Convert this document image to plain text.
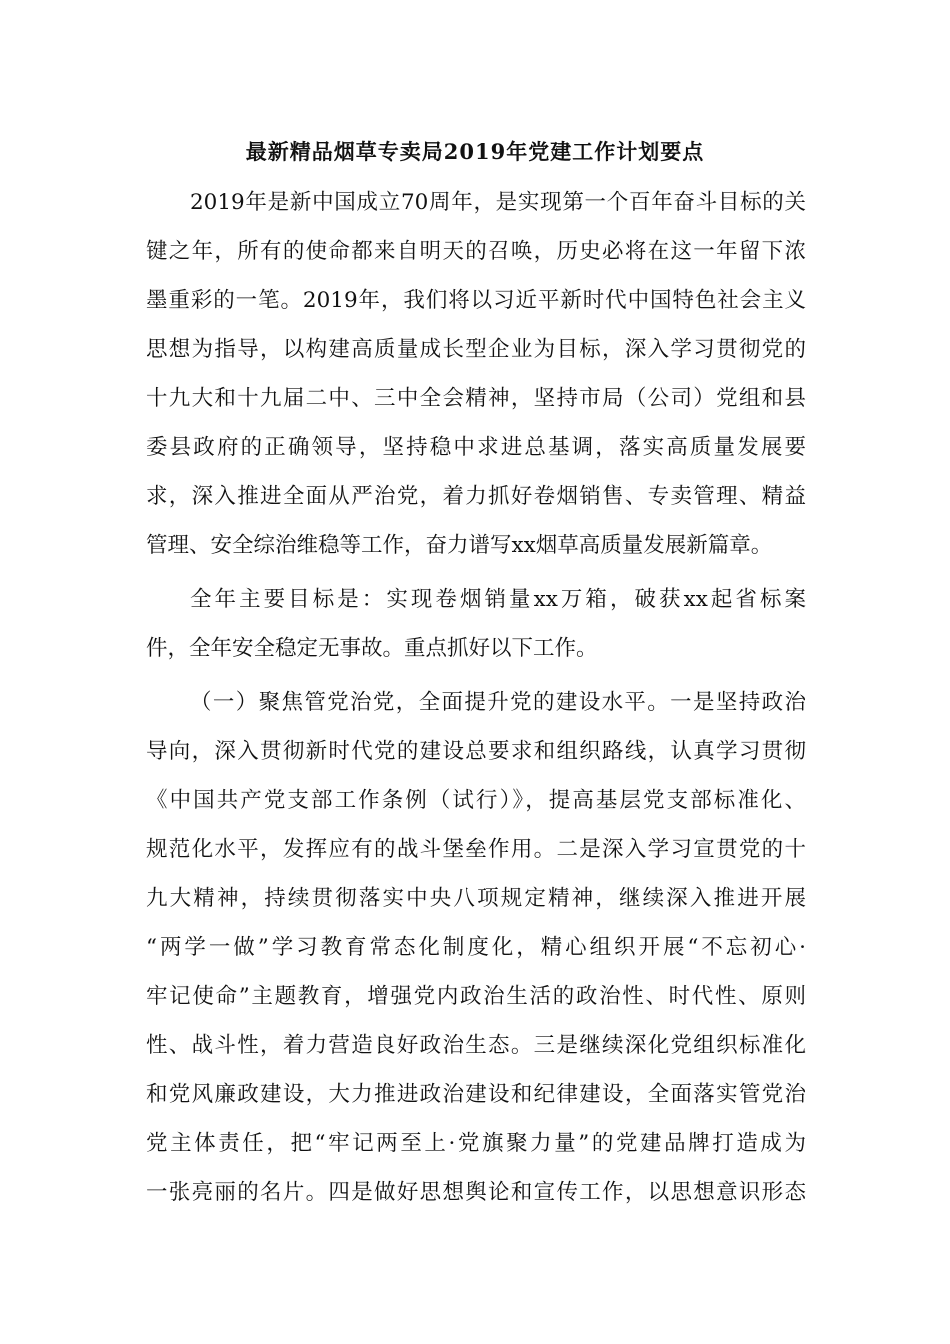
最新精品烟草专卖局2019年党建工作计划要点
2019年是新中国成立70周年，是实现第一个百年奋斗目标的关
键之年，所有的使命都来自明天的召唤，历史必将在这一年留下浓
墨重彩的一笔。2019年，我们将以习近平新时代中国特色社会主义
思想为指导，以构建高质量成长型企业为目标，深入学习贯彻党的
十九大和十九届二中、三中全会精神，坚持市局（公司）党组和县
委县政府的正确领导，坚持稳中求进总基调，落实高质量发展要
求，深入推进全面从严治党，着力抓好卷烟销售、专卖管理、精益
管理、安全综治维稳等工作，奋力谱写xx烟草高质量发展新篇章。
全年主要目标是：实现卷烟销量xx万箱，破获xx起省标案
件，全年安全稳定无事故。重点抓好以下工作。
（一）聚焦管党治党，全面提升党的建设水平。一是坚持政治
导向，深入贯彻新时代党的建设总要求和组织路线，认真学习贯彻
《中国共产党支部工作条例（试行）》，提高基层党支部标准化、
规范化水平，发挥应有的战斗堡垒作用。二是深入学习宣贯党的十
九大精神，持续贯彻落实中央八项规定精神，继续深入推进开展
“两学一做”学习教育常态化制度化，精心组织开展“不忘初心·
牢记使命”主题教育，增强党内政治生活的政治性、时代性、原则
性、战斗性，着力营造良好政治生态。三是继续深化党组织标准化
和党风廉政建设，大力推进政治建设和纪律建设，全面落实管党治
党主体责任，把“牢记两至上·党旗聚力量”的党建品牌打造成为
一张亮丽的名片。四是做好思想舆论和宣传工作，以思想意识形态
